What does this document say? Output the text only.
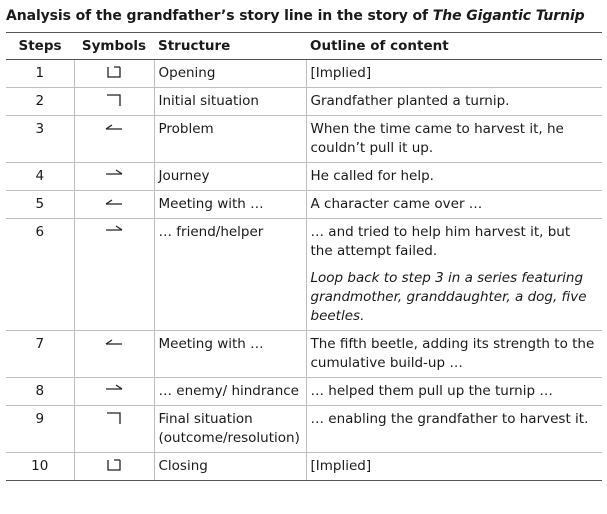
Analysis of the grandfather’s story line in the story of The Gigantic Turnip
Steps	Symbols	Structure	Outline of content
1		Opening	[Implied]
2		Initial situation	Grandfather planted a turnip.
3		Problem	When the time came to harvest it, he couldn’t pull it up.
4		Journey	He called for help.
5		Meeting with …	A character came over …
6		… friend/helper	… and tried to help him harvest it, but the attempt failed.
Loop back to step 3 in a series featuring grandmother, granddaughter, a dog, five beetles.
7		Meeting with …	The fifth beetle, adding its strength to the cumulative build-up …
8		… enemy/ hindrance	… helped them pull up the turnip …
9		Final situation (outcome/resolution)	… enabling the grandfather to harvest it.
10		Closing	[Implied]
